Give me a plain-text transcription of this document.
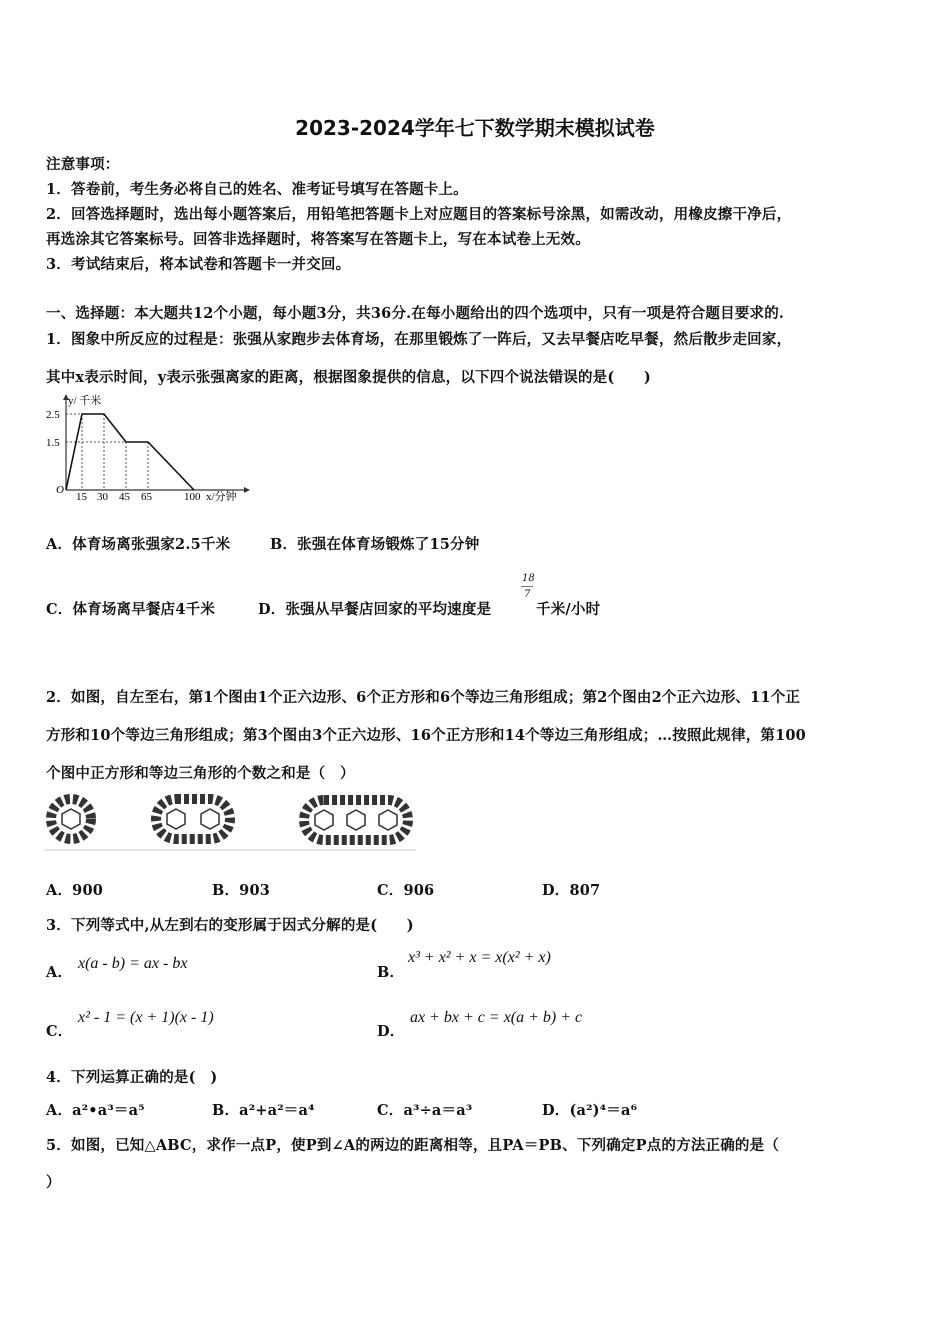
2023-2024学年七下数学期末模拟试卷
注意事项：
1．答卷前，考生务必将自己的姓名、准考证号填写在答题卡上。
2．回答选择题时，选出每小题答案后，用铅笔把答题卡上对应题目的答案标号涂黑，如需改动，用橡皮擦干净后，
再选涂其它答案标号。回答非选择题时，将答案写在答题卡上，写在本试卷上无效。
3．考试结束后，将本试卷和答题卡一并交回。
一、选择题：本大题共12个小题，每小题3分，共36分.在每小题给出的四个选项中，只有一项是符合题目要求的.
1．图象中所反应的过程是：张强从家跑步去体育场，在那里锻炼了一阵后，又去早餐店吃早餐，然后散步走回家，
其中x表示时间，y表示张强离家的距离，根据图象提供的信息，以下四个说法错误的是(　　)
y/ 千米
2.5
1.5
O
15 30 45 65	100 x/分钟
A．体育场离张强家2.5千米	B．张强在体育场锻炼了15分钟
C．体育场离早餐店4千米	D．张强从早餐店回家的平均速度是
18
7
千米/小时
2．如图，自左至右，第1个图由1个正六边形、6个正方形和6个等边三角形组成；第2个图由2个正六边形、11个正
方形和10个等边三角形组成；第3个图由3个正六边形、16个正方形和14个等边三角形组成；…按照此规律，第100
个图中正方形和等边三角形的个数之和是（　）
A．900	B．903	C．906	D．807
3．下列等式中,从左到右的变形属于因式分解的是(　　)
A．
x(a - b) = ax - bx
B．
x³ + x² + x = x(x² + x)
C．
x² - 1 = (x + 1)(x - 1)
D．
ax + bx + c = x(a + b) + c
4．下列运算正确的是(　)
A．a²•a³＝a⁵	B．a²+a²＝a⁴	C．a³÷a＝a³	D．(a²)⁴＝a⁶
5．如图，已知△ABC，求作一点P，使P到∠A的两边的距离相等，且PA＝PB、下列确定P点的方法正确的是（
）
